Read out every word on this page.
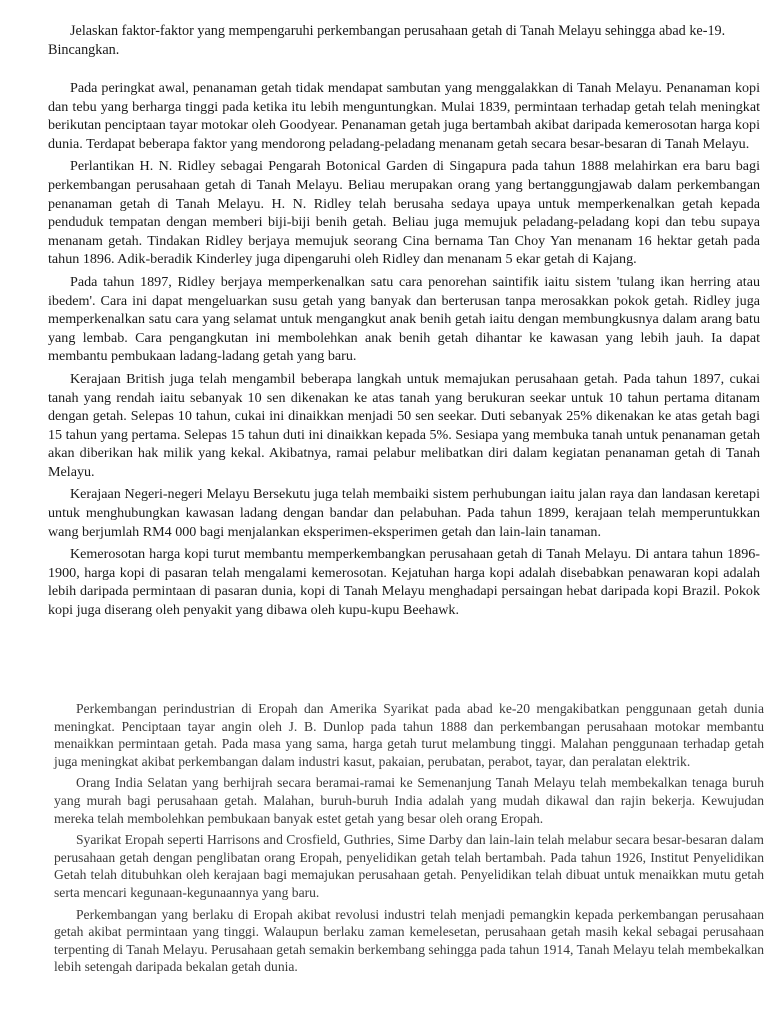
Jelaskan faktor-faktor yang mempengaruhi perkembangan perusahaan getah di Tanah Melayu sehingga abad ke-19. Bincangkan.

Pada peringkat awal, penanaman getah tidak mendapat sambutan yang menggalakkan di Tanah Melayu. Penanaman kopi dan tebu yang berharga tinggi pada ketika itu lebih menguntungkan. Mulai 1839, permintaan terhadap getah telah meningkat berikutan penciptaan tayar motokar oleh Goodyear. Penanaman getah juga bertambah akibat daripada kemerosotan harga kopi dunia. Terdapat beberapa faktor yang mendorong peladang-peladang menanam getah secara besar-besaran di Tanah Melayu.

Perlantikan H. N. Ridley sebagai Pengarah Botonical Garden di Singapura pada tahun 1888 melahirkan era baru bagi perkembangan perusahaan getah di Tanah Melayu. Beliau merupakan orang yang bertanggungjawab dalam perkembangan penanaman getah di Tanah Melayu. H. N. Ridley telah berusaha sedaya upaya untuk memperkenalkan getah kepada penduduk tempatan dengan memberi biji-biji benih getah. Beliau juga memujuk peladang-peladang kopi dan tebu supaya menanam getah. Tindakan Ridley berjaya memujuk seorang Cina bernama Tan Choy Yan menanam 16 hektar getah pada tahun 1896. Adik-beradik Kinderley juga dipengaruhi oleh Ridley dan menanam 5 ekar getah di Kajang.

Pada tahun 1897, Ridley berjaya memperkenalkan satu cara penorehan saintifik iaitu sistem 'tulang ikan herring atau ibedem'. Cara ini dapat mengeluarkan susu getah yang banyak dan berterusan tanpa merosakkan pokok getah. Ridley juga memperkenalkan satu cara yang selamat untuk mengangkut anak benih getah iaitu dengan membungkusnya dalam arang batu yang lembab. Cara pengangkutan ini membolehkan anak benih getah dihantar ke kawasan yang lebih jauh. Ia dapat membantu pembukaan ladang-ladang getah yang baru.

Kerajaan British juga telah mengambil beberapa langkah untuk memajukan perusahaan getah. Pada tahun 1897, cukai tanah yang rendah iaitu sebanyak 10 sen dikenakan ke atas tanah yang berukuran seekar untuk 10 tahun pertama ditanam dengan getah. Selepas 10 tahun, cukai ini dinaikkan menjadi 50 sen seekar. Duti sebanyak 25% dikenakan ke atas getah bagi 15 tahun yang pertama. Selepas 15 tahun duti ini dinaikkan kepada 5%. Sesiapa yang membuka tanah untuk penanaman getah akan diberikan hak milik yang kekal. Akibatnya, ramai pelabur melibatkan diri dalam kegiatan penanaman getah di Tanah Melayu.

Kerajaan Negeri-negeri Melayu Bersekutu juga telah membaiki sistem perhubungan iaitu jalan raya dan landasan keretapi untuk menghubungkan kawasan ladang dengan bandar dan pelabuhan. Pada tahun 1899, kerajaan telah memperuntukkan wang berjumlah RM4 000 bagi menjalankan eksperimen-eksperimen getah dan lain-lain tanaman.

Kemerosotan harga kopi turut membantu memperkembangkan perusahaan getah di Tanah Melayu. Di antara tahun 1896-1900, harga kopi di pasaran telah mengalami kemerosotan. Kejatuhan harga kopi adalah disebabkan penawaran kopi adalah lebih daripada permintaan di pasaran dunia, kopi di Tanah Melayu menghadapi persaingan hebat daripada kopi Brazil. Pokok kopi juga diserang oleh penyakit yang dibawa oleh kupu-kupu Beehawk.

Perkembangan perindustrian di Eropah dan Amerika Syarikat pada abad ke-20 mengakibatkan penggunaan getah dunia meningkat. Penciptaan tayar angin oleh J. B. Dunlop pada tahun 1888 dan perkembangan perusahaan motokar membantu menaikkan permintaan getah. Pada masa yang sama, harga getah turut melambung tinggi. Malahan penggunaan terhadap getah juga meningkat akibat perkembangan dalam industri kasut, pakaian, perubatan, perabot, tayar, dan peralatan elektrik.

Orang India Selatan yang berhijrah secara beramai-ramai ke Semenanjung Tanah Melayu telah membekalkan tenaga buruh yang murah bagi perusahaan getah. Malahan, buruh-buruh India adalah yang mudah dikawal dan rajin bekerja. Kewujudan mereka telah membolehkan pembukaan banyak estet getah yang besar oleh orang Eropah.

Syarikat Eropah seperti Harrisons and Crosfield, Guthries, Sime Darby dan lain-lain telah melabur secara besar-besaran dalam perusahaan getah dengan penglibatan orang Eropah, penyelidikan getah telah bertambah. Pada tahun 1926, Institut Penyelidikan Getah telah ditubuhkan oleh kerajaan bagi memajukan perusahaan getah. Penyelidikan telah dibuat untuk menaikkan mutu getah serta mencari kegunaan-kegunaannya yang baru.

Perkembangan yang berlaku di Eropah akibat revolusi industri telah menjadi pemangkin kepada perkembangan perusahaan getah akibat permintaan yang tinggi. Walaupun berlaku zaman kemelesetan, perusahaan getah masih kekal sebagai perusahaan terpenting di Tanah Melayu. Perusahaan getah semakin berkembang sehingga pada tahun 1914, Tanah Melayu telah membekalkan lebih setengah daripada bekalan getah dunia.
